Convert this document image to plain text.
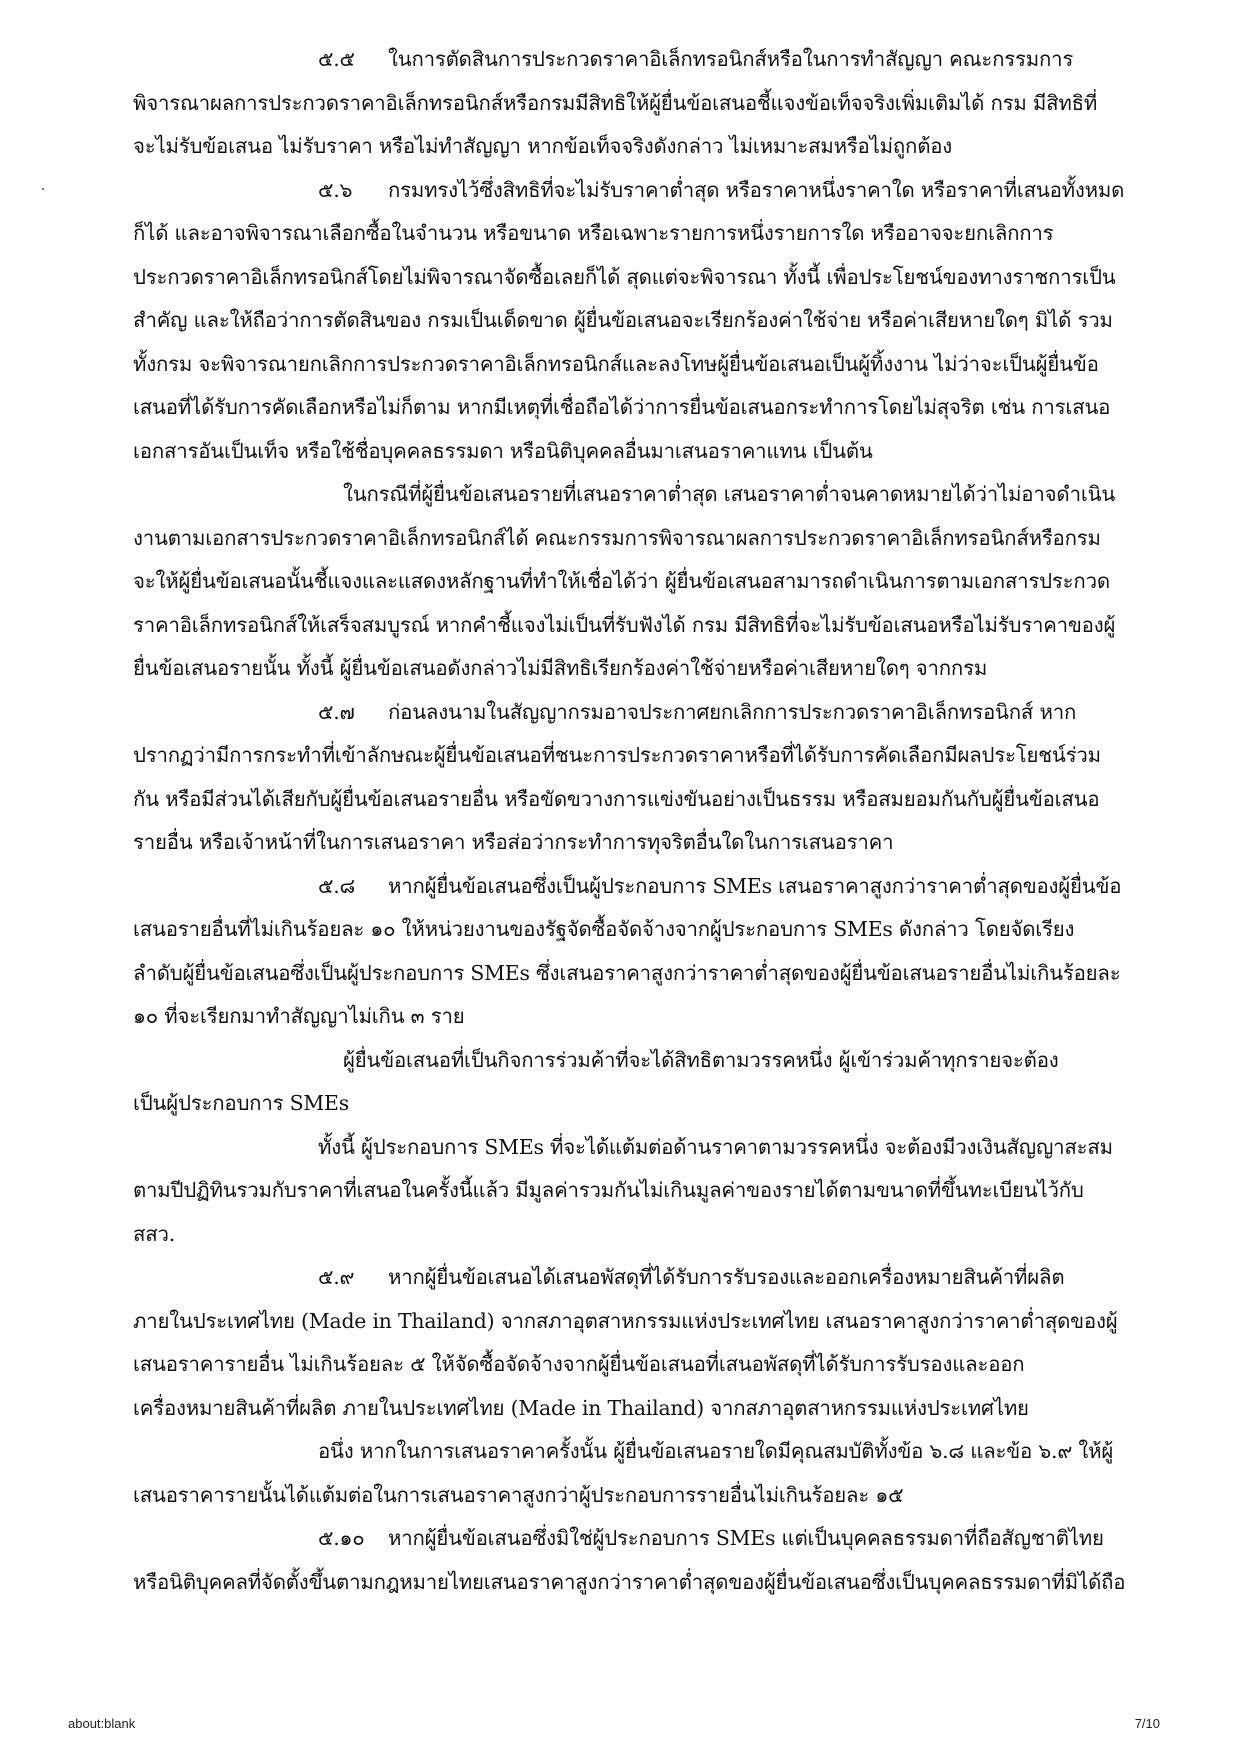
๕.๕ ในการตัดสินการประกวดราคาอิเล็กทรอนิกส์หรือในการทำสัญญา คณะกรรมการ
พิจารณาผลการประกวดราคาอิเล็กทรอนิกส์หรือกรมมีสิทธิให้ผู้ยื่นข้อเสนอชี้แจงข้อเท็จจริงเพิ่มเติมได้ กรม มีสิทธิที่
จะไม่รับข้อเสนอ ไม่รับราคา หรือไม่ทำสัญญา หากข้อเท็จจริงดังกล่าว ไม่เหมาะสมหรือไม่ถูกต้อง
๕.๖ กรมทรงไว้ซึ่งสิทธิที่จะไม่รับราคาต่ำสุด หรือราคาหนึ่งราคาใด หรือราคาที่เสนอทั้งหมด
ก็ได้ และอาจพิจารณาเลือกซื้อในจำนวน หรือขนาด หรือเฉพาะรายการหนึ่งรายการใด หรืออาจจะยกเลิกการ
ประกวดราคาอิเล็กทรอนิกส์โดยไม่พิจารณาจัดซื้อเลยก็ได้ สุดแต่จะพิจารณา ทั้งนี้ เพื่อประโยชน์ของทางราชการเป็น
สำคัญ และให้ถือว่าการตัดสินของ กรมเป็นเด็ดขาด ผู้ยื่นข้อเสนอจะเรียกร้องค่าใช้จ่าย หรือค่าเสียหายใดๆ มิได้ รวม
ทั้งกรม จะพิจารณายกเลิกการประกวดราคาอิเล็กทรอนิกส์และลงโทษผู้ยื่นข้อเสนอเป็นผู้ทิ้งงาน ไม่ว่าจะเป็นผู้ยื่นข้อ
เสนอที่ได้รับการคัดเลือกหรือไม่ก็ตาม หากมีเหตุที่เชื่อถือได้ว่าการยื่นข้อเสนอกระทำการโดยไม่สุจริต เช่น การเสนอ
เอกสารอันเป็นเท็จ หรือใช้ชื่อบุคคลธรรมดา หรือนิติบุคคลอื่นมาเสนอราคาแทน เป็นต้น
ในกรณีที่ผู้ยื่นข้อเสนอรายที่เสนอราคาต่ำสุด เสนอราคาต่ำจนคาดหมายได้ว่าไม่อาจดำเนิน
งานตามเอกสารประกวดราคาอิเล็กทรอนิกส์ได้ คณะกรรมการพิจารณาผลการประกวดราคาอิเล็กทรอนิกส์หรือกรม
จะให้ผู้ยื่นข้อเสนอนั้นชี้แจงและแสดงหลักฐานที่ทำให้เชื่อได้ว่า ผู้ยื่นข้อเสนอสามารถดำเนินการตามเอกสารประกวด
ราคาอิเล็กทรอนิกส์ให้เสร็จสมบูรณ์ หากคำชี้แจงไม่เป็นที่รับฟังได้ กรม มีสิทธิที่จะไม่รับข้อเสนอหรือไม่รับราคาของผู้
ยื่นข้อเสนอรายนั้น ทั้งนี้ ผู้ยื่นข้อเสนอดังกล่าวไม่มีสิทธิเรียกร้องค่าใช้จ่ายหรือค่าเสียหายใดๆ จากกรม
๕.๗ ก่อนลงนามในสัญญากรมอาจประกาศยกเลิกการประกวดราคาอิเล็กทรอนิกส์ หาก
ปรากฏว่ามีการกระทำที่เข้าลักษณะผู้ยื่นข้อเสนอที่ชนะการประกวดราคาหรือที่ได้รับการคัดเลือกมีผลประโยชน์ร่วม
กัน หรือมีส่วนได้เสียกับผู้ยื่นข้อเสนอรายอื่น หรือขัดขวางการแข่งขันอย่างเป็นธรรม หรือสมยอมกันกับผู้ยื่นข้อเสนอ
รายอื่น หรือเจ้าหน้าที่ในการเสนอราคา หรือส่อว่ากระทำการทุจริตอื่นใดในการเสนอราคา
๕.๘ หากผู้ยื่นข้อเสนอซึ่งเป็นผู้ประกอบการ SMEs เสนอราคาสูงกว่าราคาต่ำสุดของผู้ยื่นข้อ
เสนอรายอื่นที่ไม่เกินร้อยละ ๑๐ ให้หน่วยงานของรัฐจัดซื้อจัดจ้างจากผู้ประกอบการ SMEs ดังกล่าว โดยจัดเรียง
ลำดับผู้ยื่นข้อเสนอซึ่งเป็นผู้ประกอบการ SMEs ซึ่งเสนอราคาสูงกว่าราคาต่ำสุดของผู้ยื่นข้อเสนอรายอื่นไม่เกินร้อยละ
๑๐ ที่จะเรียกมาทำสัญญาไม่เกิน ๓ ราย
ผู้ยื่นข้อเสนอที่เป็นกิจการร่วมค้าที่จะได้สิทธิตามวรรคหนึ่ง ผู้เข้าร่วมค้าทุกรายจะต้อง
เป็นผู้ประกอบการ SMEs
ทั้งนี้ ผู้ประกอบการ SMEs ที่จะได้แต้มต่อด้านราคาตามวรรคหนึ่ง จะต้องมีวงเงินสัญญาสะสม
ตามปีปฏิทินรวมกับราคาที่เสนอในครั้งนี้แล้ว มีมูลค่ารวมกันไม่เกินมูลค่าของรายได้ตามขนาดที่ขึ้นทะเบียนไว้กับ
สสว.
๕.๙ หากผู้ยื่นข้อเสนอได้เสนอพัสดุที่ได้รับการรับรองและออกเครื่องหมายสินค้าที่ผลิต
ภายในประเทศไทย (Made in Thailand) จากสภาอุตสาหกรรมแห่งประเทศไทย เสนอราคาสูงกว่าราคาต่ำสุดของผู้
เสนอราคารายอื่น ไม่เกินร้อยละ ๕ ให้จัดซื้อจัดจ้างจากผู้ยื่นข้อเสนอที่เสนอพัสดุที่ได้รับการรับรองและออก
เครื่องหมายสินค้าที่ผลิต ภายในประเทศไทย (Made in Thailand) จากสภาอุตสาหกรรมแห่งประเทศไทย
อนึ่ง หากในการเสนอราคาครั้งนั้น ผู้ยื่นข้อเสนอรายใดมีคุณสมบัติทั้งข้อ ๖.๘ และข้อ ๖.๙ ให้ผู้
เสนอราคารายนั้นได้แต้มต่อในการเสนอราคาสูงกว่าผู้ประกอบการรายอื่นไม่เกินร้อยละ ๑๕
๕.๑๐ หากผู้ยื่นข้อเสนอซึ่งมิใช่ผู้ประกอบการ SMEs แต่เป็นบุคคลธรรมดาที่ถือสัญชาติไทย
หรือนิติบุคคลที่จัดตั้งขึ้นตามกฎหมายไทยเสนอราคาสูงกว่าราคาต่ำสุดของผู้ยื่นข้อเสนอซึ่งเป็นบุคคลธรรมดาที่มิได้ถือ
about:blank	7/10
